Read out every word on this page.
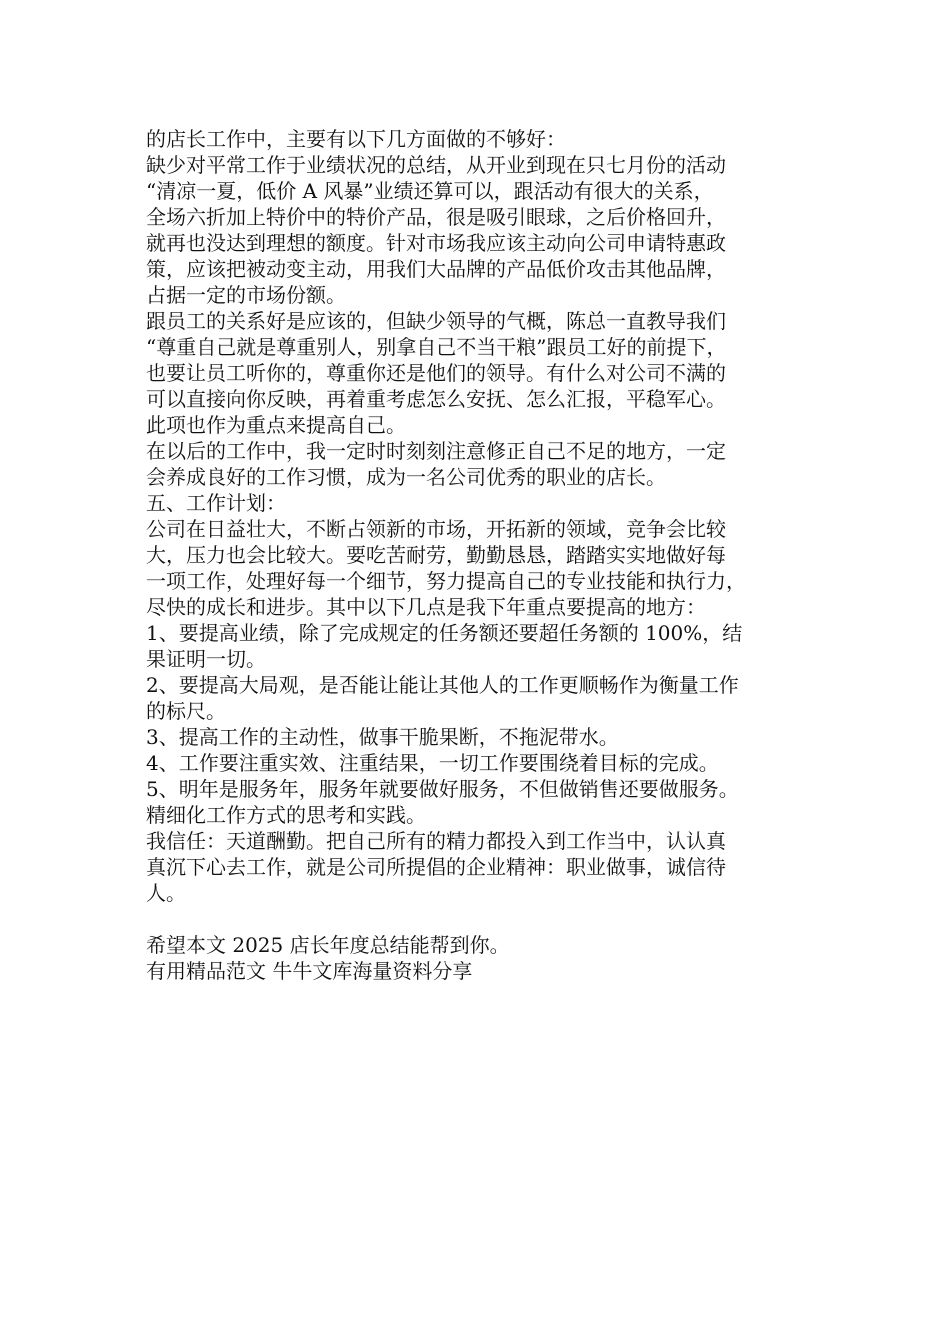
的店长工作中，主要有以下几方面做的不够好：
缺少对平常工作于业绩状况的总结，从开业到现在只七月份的活动
“清凉一夏，低价 A 风暴”业绩还算可以，跟活动有很大的关系，
全场六折加上特价中的特价产品，很是吸引眼球，之后价格回升，
就再也没达到理想的额度。针对市场我应该主动向公司申请特惠政
策，应该把被动变主动，用我们大品牌的产品低价攻击其他品牌，
占据一定的市场份额。
跟员工的关系好是应该的，但缺少领导的气概，陈总一直教导我们
“尊重自己就是尊重别人，别拿自己不当干粮”跟员工好的前提下，
也要让员工听你的，尊重你还是他们的领导。有什么对公司不满的
可以直接向你反映，再着重考虑怎么安抚、怎么汇报，平稳军心。
此项也作为重点来提高自己。
在以后的工作中，我一定时时刻刻注意修正自己不足的地方，一定
会养成良好的工作习惯，成为一名公司优秀的职业的店长。
五、工作计划：
公司在日益壮大，不断占领新的市场，开拓新的领域，竞争会比较
大，压力也会比较大。要吃苦耐劳，勤勤恳恳，踏踏实实地做好每
一项工作，处理好每一个细节，努力提高自己的专业技能和执行力，
尽快的成长和进步。其中以下几点是我下年重点要提高的地方：
1、要提高业绩，除了完成规定的任务额还要超任务额的 100%，结
果证明一切。
2、要提高大局观，是否能让能让其他人的工作更顺畅作为衡量工作
的标尺。
3、提高工作的主动性，做事干脆果断，不拖泥带水。
4、工作要注重实效、注重结果，一切工作要围绕着目标的完成。
5、明年是服务年，服务年就要做好服务，不但做销售还要做服务。
精细化工作方式的思考和实践。
我信任：天道酬勤。把自己所有的精力都投入到工作当中，认认真
真沉下心去工作，就是公司所提倡的企业精神：职业做事，诚信待
人。
希望本文 2025 店长年度总结能帮到你。
有用精品范文 牛牛文库海量资料分享
